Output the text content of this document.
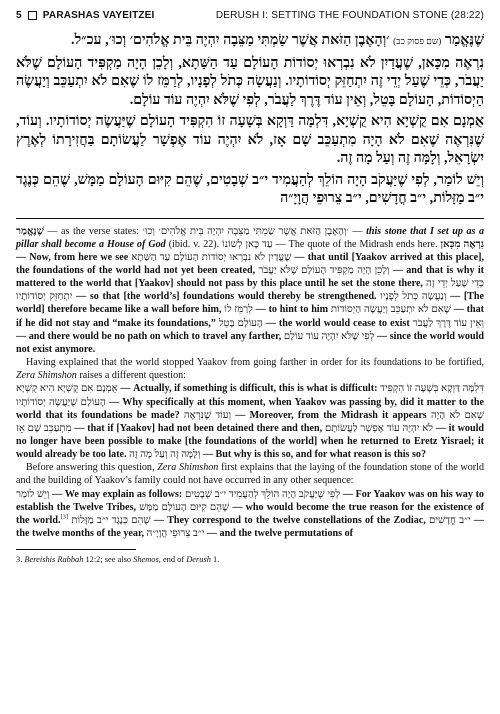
5 PARASHAS VAYEITZEI	DERUSH I: SETTING THE FOUNDATION STONE (28:22)

שֶׁנֶּאֱמַר (שם פסוק כב) ׳וְהָאֶבֶן הַזֹּאת אֲשֶׁר שַׂמְתִּי מַצֵּבָה יִהְיֶה בֵּית אֱלֹהִים׳ וְכוּ׳, עכ״ל.

נִרְאֶה מִכָּאן, שֶׁעֲדַיִן לֹא נִבְרְאוּ יְסוֹדוֹת הָעוֹלָם עַד הַשַּׁתָא, וְלָכֵן הָיָה מַקְפִּיד הָעוֹלָם שֶׁלֹּא יַעֲבֹר, כְּדֵי שֶׁעַל יְדֵי זֶה יִתְחַזֵּק יְסוֹדוֹתָיו. וְנַעֲשָׂה כְּתֹל לְפָנָיו, לְרַמֵּז לוֹ שֶׁאִם לֹא יִתְעַכֵּב וְיַעֲשֶׂה הַיְסוֹדוֹת, הָעוֹלָם בָּטֵל, וְאֵין עוֹד דֶּרֶךְ לַעֲבֹר, לְפִי שֶׁלֹּא יִהְיֶה עוֹד עוֹלָם.

אֻמְנָם אִם קֻשְׁיָא הִיא קֻשְׁיָא, דִּלְמָּה דַּוְקָא בְּשָׁעָה זוֹ הִקְפִּיד הָעוֹלָם שֶׁיַּעֲשֶׂה יְסוֹדוֹתָיו. וְעוֹד, שֶׁנִּרְאֶה שֶׁאִם לֹא הָיָה מִתְעַכֵּב שָׁם אָז, לֹא יִהְיֶה עוֹד אֶפְשָׁר לַעֲשׂוֹתָם בַּחֲזִירָתוֹ לְאֶרֶץ יִשְׂרָאֵל, וְלָמָּה זֶה וְעַל מָה זֶה.

וְיֵשׁ לוֹמַר, לְפִי שֶׁיַּעֲקֹב הָיָה הוֹלֵךְ לְהַעֲמִיד י״ב שְׁבָטִים, שֶׁהֵם קִיּוּם הָעוֹלָם מַמָּשׁ, שֶׁהֵם כְּנֶגֶד י״ב מַזָּלוֹת, י״ב חֳדָשִׁים, י״ב צֵרוּפֵי הֲוָיָ״ה

שֶׁנֶּאֱמַר — as the verse states: ׳וְהָאֶבֶן הַזֹּאת אֲשֶׁר שַׂמְתִּי מַצֵּבָה יִהְיֶה בֵּית אֱלֹהִים׳ וְכוּ׳ — this stone that I set up as a pillar shall become a House of God (ibid. v. 22). עַד כָּאן לְשׁוֹנוֹ — The quote of the Midrash ends here. נִרְאֶה מִכָּאן — Now, from here we see שֶׁעֲדַיִן לֹא נִבְרְאוּ יְסוֹדוֹת הָעוֹלָם עַד הַשַּׁתָא — that until [Yaakov arrived at this place], the foundations of the world had not yet been created, וְלָכֵן הָיָה מַקְפִּיד הָעוֹלָם שֶׁלֹּא יַעֲבֹר — and that is why it mattered to the world that [Yaakov] should not pass by this place until he set the stone there, כְּדֵי שֶׁעַל יְדֵי זֶה יִתְחַזֵּק יְסוֹדוֹתָיו — so that [the world’s] foundations would thereby be strengthened. וְנַעֲשָׂה כְּתֹל לְפָנָיו — [The world] therefore became like a wall before him, לְרַמֵּז לוֹ — to hint to him שֶׁאִם לֹא יִתְעַכֵּב וְיַעֲשֶׂה הַיְסוֹדוֹת — that if he did not stay and “make its foundations,” הָעוֹלָם בָּטֵל — the world would cease to exist וְאֵין עוֹד דֶּרֶךְ לַעֲבֹר — and there would be no path on which to travel any farther, לְפִי שֶׁלֹּא יִהְיֶה עוֹד עוֹלָם — since the world would not exist anymore.

Having explained that the world stopped Yaakov from going farther in order for its foundations to be fortified, Zera Shimshon raises a different question:
אֻמְנָם אִם קֻשְׁיָא הִיא קֻשְׁיָא — Actually, if something is difficult, this is what is difficult: דִּלְמָּה דַּוְקָא בְּשָׁעָה זוֹ הִקְפִּיד הָעוֹלָם שֶׁיַּעֲשֶׂה יְסוֹדוֹתָיו — Why specifically at this moment, when Yaakov was passing by, did it matter to the world that its foundations be made? וְעוֹד שֶׁנִּרְאֶה — Moreover, from the Midrash it appears שֶׁאִם לֹא הָיָה מִתְעַכֵּב שָׁם אָז — that if [Yaakov] had not been detained there and then, לֹא יִהְיֶה עוֹד אֶפְשָׁר לַעֲשׂוֹתָם — it would no longer have been possible to make [the foundations of the world] when he returned to Eretz Yisrael; it would already be too late. וְלָמָּה זֶה וְעַל מָה זֶה — But why is this so, and for what reason is this so?

Before answering this question, Zera Shimshon first explains that the laying of the foundation stone of the world and the building of Yaakov’s family could not have occurred in any other sequence:
וְיֵשׁ לוֹמַר — We may explain as follows: לְפִי שֶׁיַּעֲקֹב הָיָה הוֹלֵךְ לְהַעֲמִיד י״ב שְׁבָטִים — For Yaakov was on his way to establish the Twelve Tribes, שֶׁהֵם קִיּוּם הָעוֹלָם מַמָּשׁ — who would become the true reason for the existence of the world.[3] שֶׁהֵם כְּנֶגֶד י״ב מַזָּלוֹת — They correspond to the twelve constellations of the Zodiac, י״ב חֳדָשִׁים — the twelve months of the year, י״ב צֵרוּפֵי הֲוָיָ״ה — and the twelve permutations of

3. Bereishis Rabbah 12:2; see also Shemos, end of Derush 1.
